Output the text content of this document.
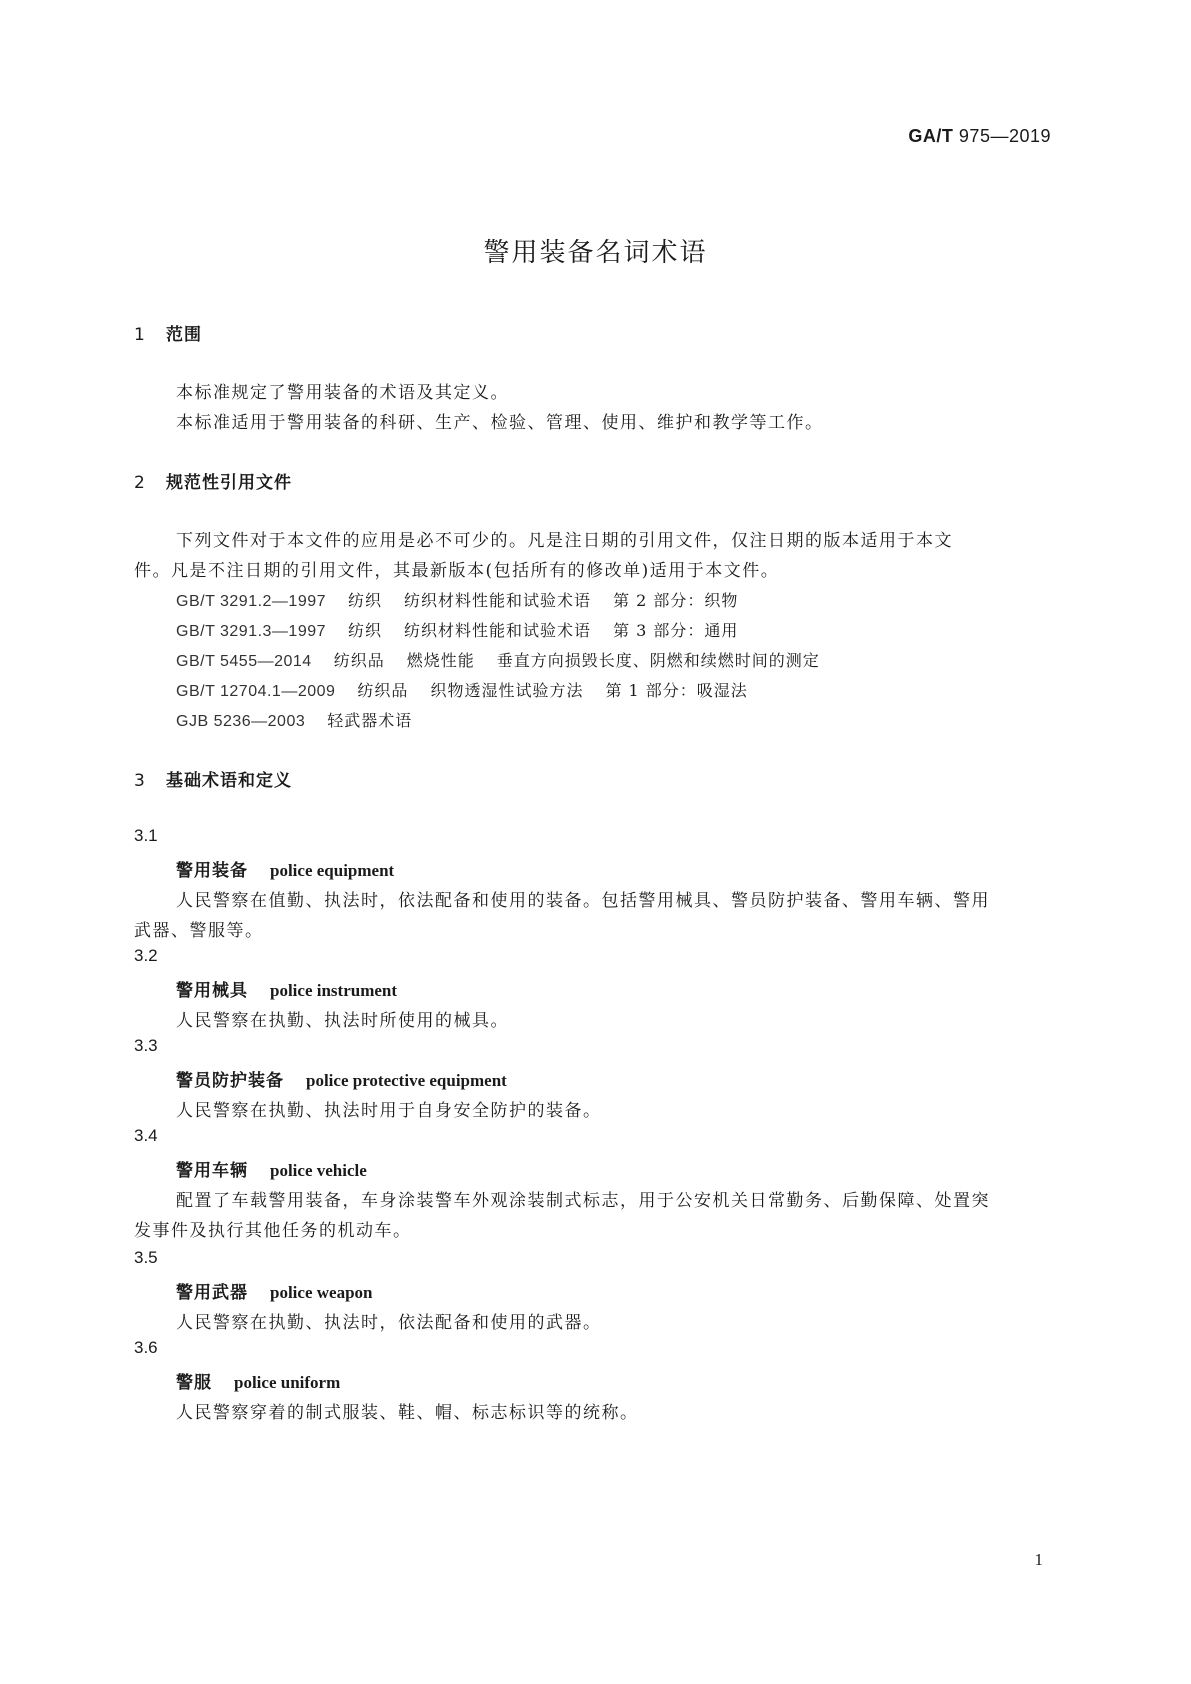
GA/T 975—2019
警用装备名词术语
1 范围
本标准规定了警用装备的术语及其定义。
本标准适用于警用装备的科研、生产、检验、管理、使用、维护和教学等工作。
2 规范性引用文件
下列文件对于本文件的应用是必不可少的。凡是注日期的引用文件，仅注日期的版本适用于本文
件。凡是不注日期的引用文件，其最新版本(包括所有的修改单)适用于本文件。
GB/T 3291.2—1997 纺织 纺织材料性能和试验术语 第 2 部分：织物
GB/T 3291.3—1997 纺织 纺织材料性能和试验术语 第 3 部分：通用
GB/T 5455—2014 纺织品 燃烧性能 垂直方向损毁长度、阴燃和续燃时间的测定
GB/T 12704.1—2009 纺织品 织物透湿性试验方法 第 1 部分：吸湿法
GJB 5236—2003 轻武器术语
3 基础术语和定义
3.1
警用装备 police equipment
人民警察在值勤、执法时，依法配备和使用的装备。包括警用械具、警员防护装备、警用车辆、警用
武器、警服等。
3.2
警用械具 police instrument
人民警察在执勤、执法时所使用的械具。
3.3
警员防护装备 police protective equipment
人民警察在执勤、执法时用于自身安全防护的装备。
3.4
警用车辆 police vehicle
配置了车载警用装备，车身涂装警车外观涂装制式标志，用于公安机关日常勤务、后勤保障、处置突
发事件及执行其他任务的机动车。
3.5
警用武器 police weapon
人民警察在执勤、执法时，依法配备和使用的武器。
3.6
警服 police uniform
人民警察穿着的制式服装、鞋、帽、标志标识等的统称。
1
